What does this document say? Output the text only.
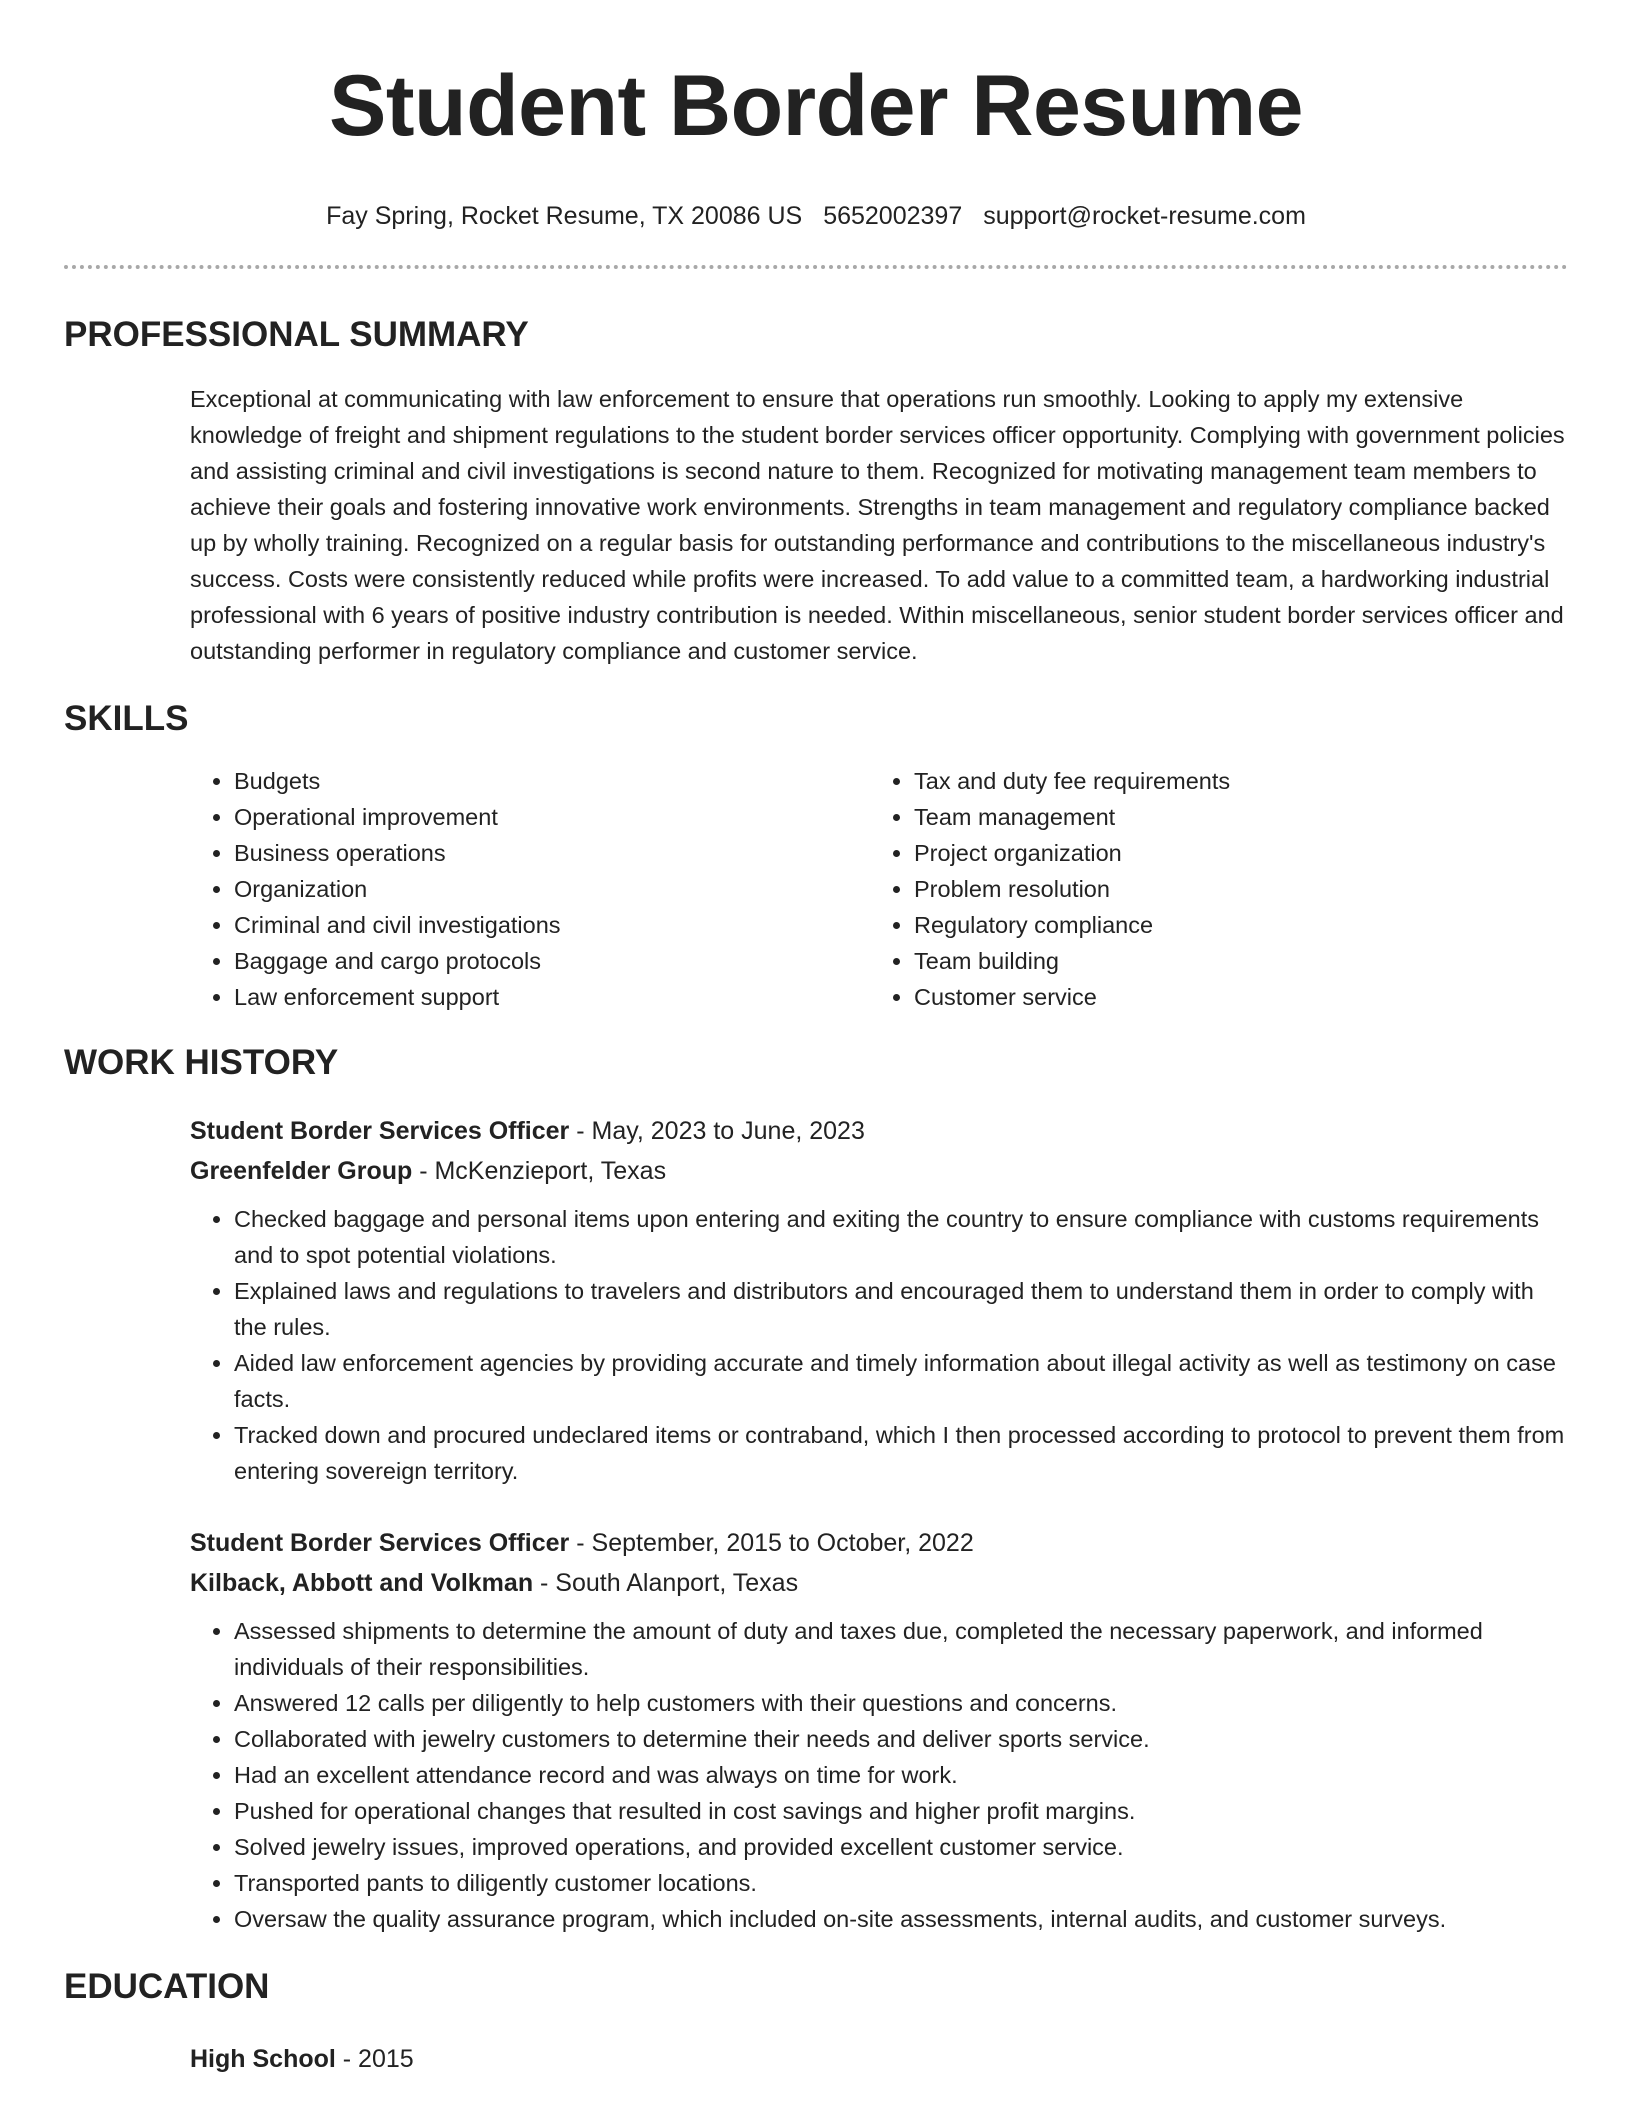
Student Border Resume
Fay Spring, Rocket Resume, TX 20086 US 5652002397 support@rocket-resume.com
PROFESSIONAL SUMMARY

Exceptional at communicating with law enforcement to ensure that operations run smoothly. Looking to apply my extensive knowledge of freight and shipment regulations to the student border services officer opportunity. Complying with government policies and assisting criminal and civil investigations is second nature to them. Recognized for motivating management team members to achieve their goals and fostering innovative work environments. Strengths in team management and regulatory compliance backed up by wholly training. Recognized on a regular basis for outstanding performance and contributions to the miscellaneous industry's success. Costs were consistently reduced while profits were increased. To add value to a committed team, a hardworking industrial professional with 6 years of positive industry contribution is needed. Within miscellaneous, senior student border services officer and outstanding performer in regulatory compliance and customer service.

SKILLS
• Budgets
• Operational improvement
• Business operations
• Organization
• Criminal and civil investigations
• Baggage and cargo protocols
• Law enforcement support
• Tax and duty fee requirements
• Team management
• Project organization
• Problem resolution
• Regulatory compliance
• Team building
• Customer service
WORK HISTORY
Student Border Services Officer - May, 2023 to June, 2023
Greenfelder Group - McKenzieport, Texas
• Checked baggage and personal items upon entering and exiting the country to ensure compliance with customs requirements and to spot potential violations.
• Explained laws and regulations to travelers and distributors and encouraged them to understand them in order to comply with the rules.
• Aided law enforcement agencies by providing accurate and timely information about illegal activity as well as testimony on case facts.
• Tracked down and procured undeclared items or contraband, which I then processed according to protocol to prevent them from entering sovereign territory.
Student Border Services Officer - September, 2015 to October, 2022
Kilback, Abbott and Volkman - South Alanport, Texas
• Assessed shipments to determine the amount of duty and taxes due, completed the necessary paperwork, and informed individuals of their responsibilities.
• Answered 12 calls per diligently to help customers with their questions and concerns.
• Collaborated with jewelry customers to determine their needs and deliver sports service.
• Had an excellent attendance record and was always on time for work.
• Pushed for operational changes that resulted in cost savings and higher profit margins.
• Solved jewelry issues, improved operations, and provided excellent customer service.
• Transported pants to diligently customer locations.
• Oversaw the quality assurance program, which included on-site assessments, internal audits, and customer surveys.
EDUCATION
High School - 2015
